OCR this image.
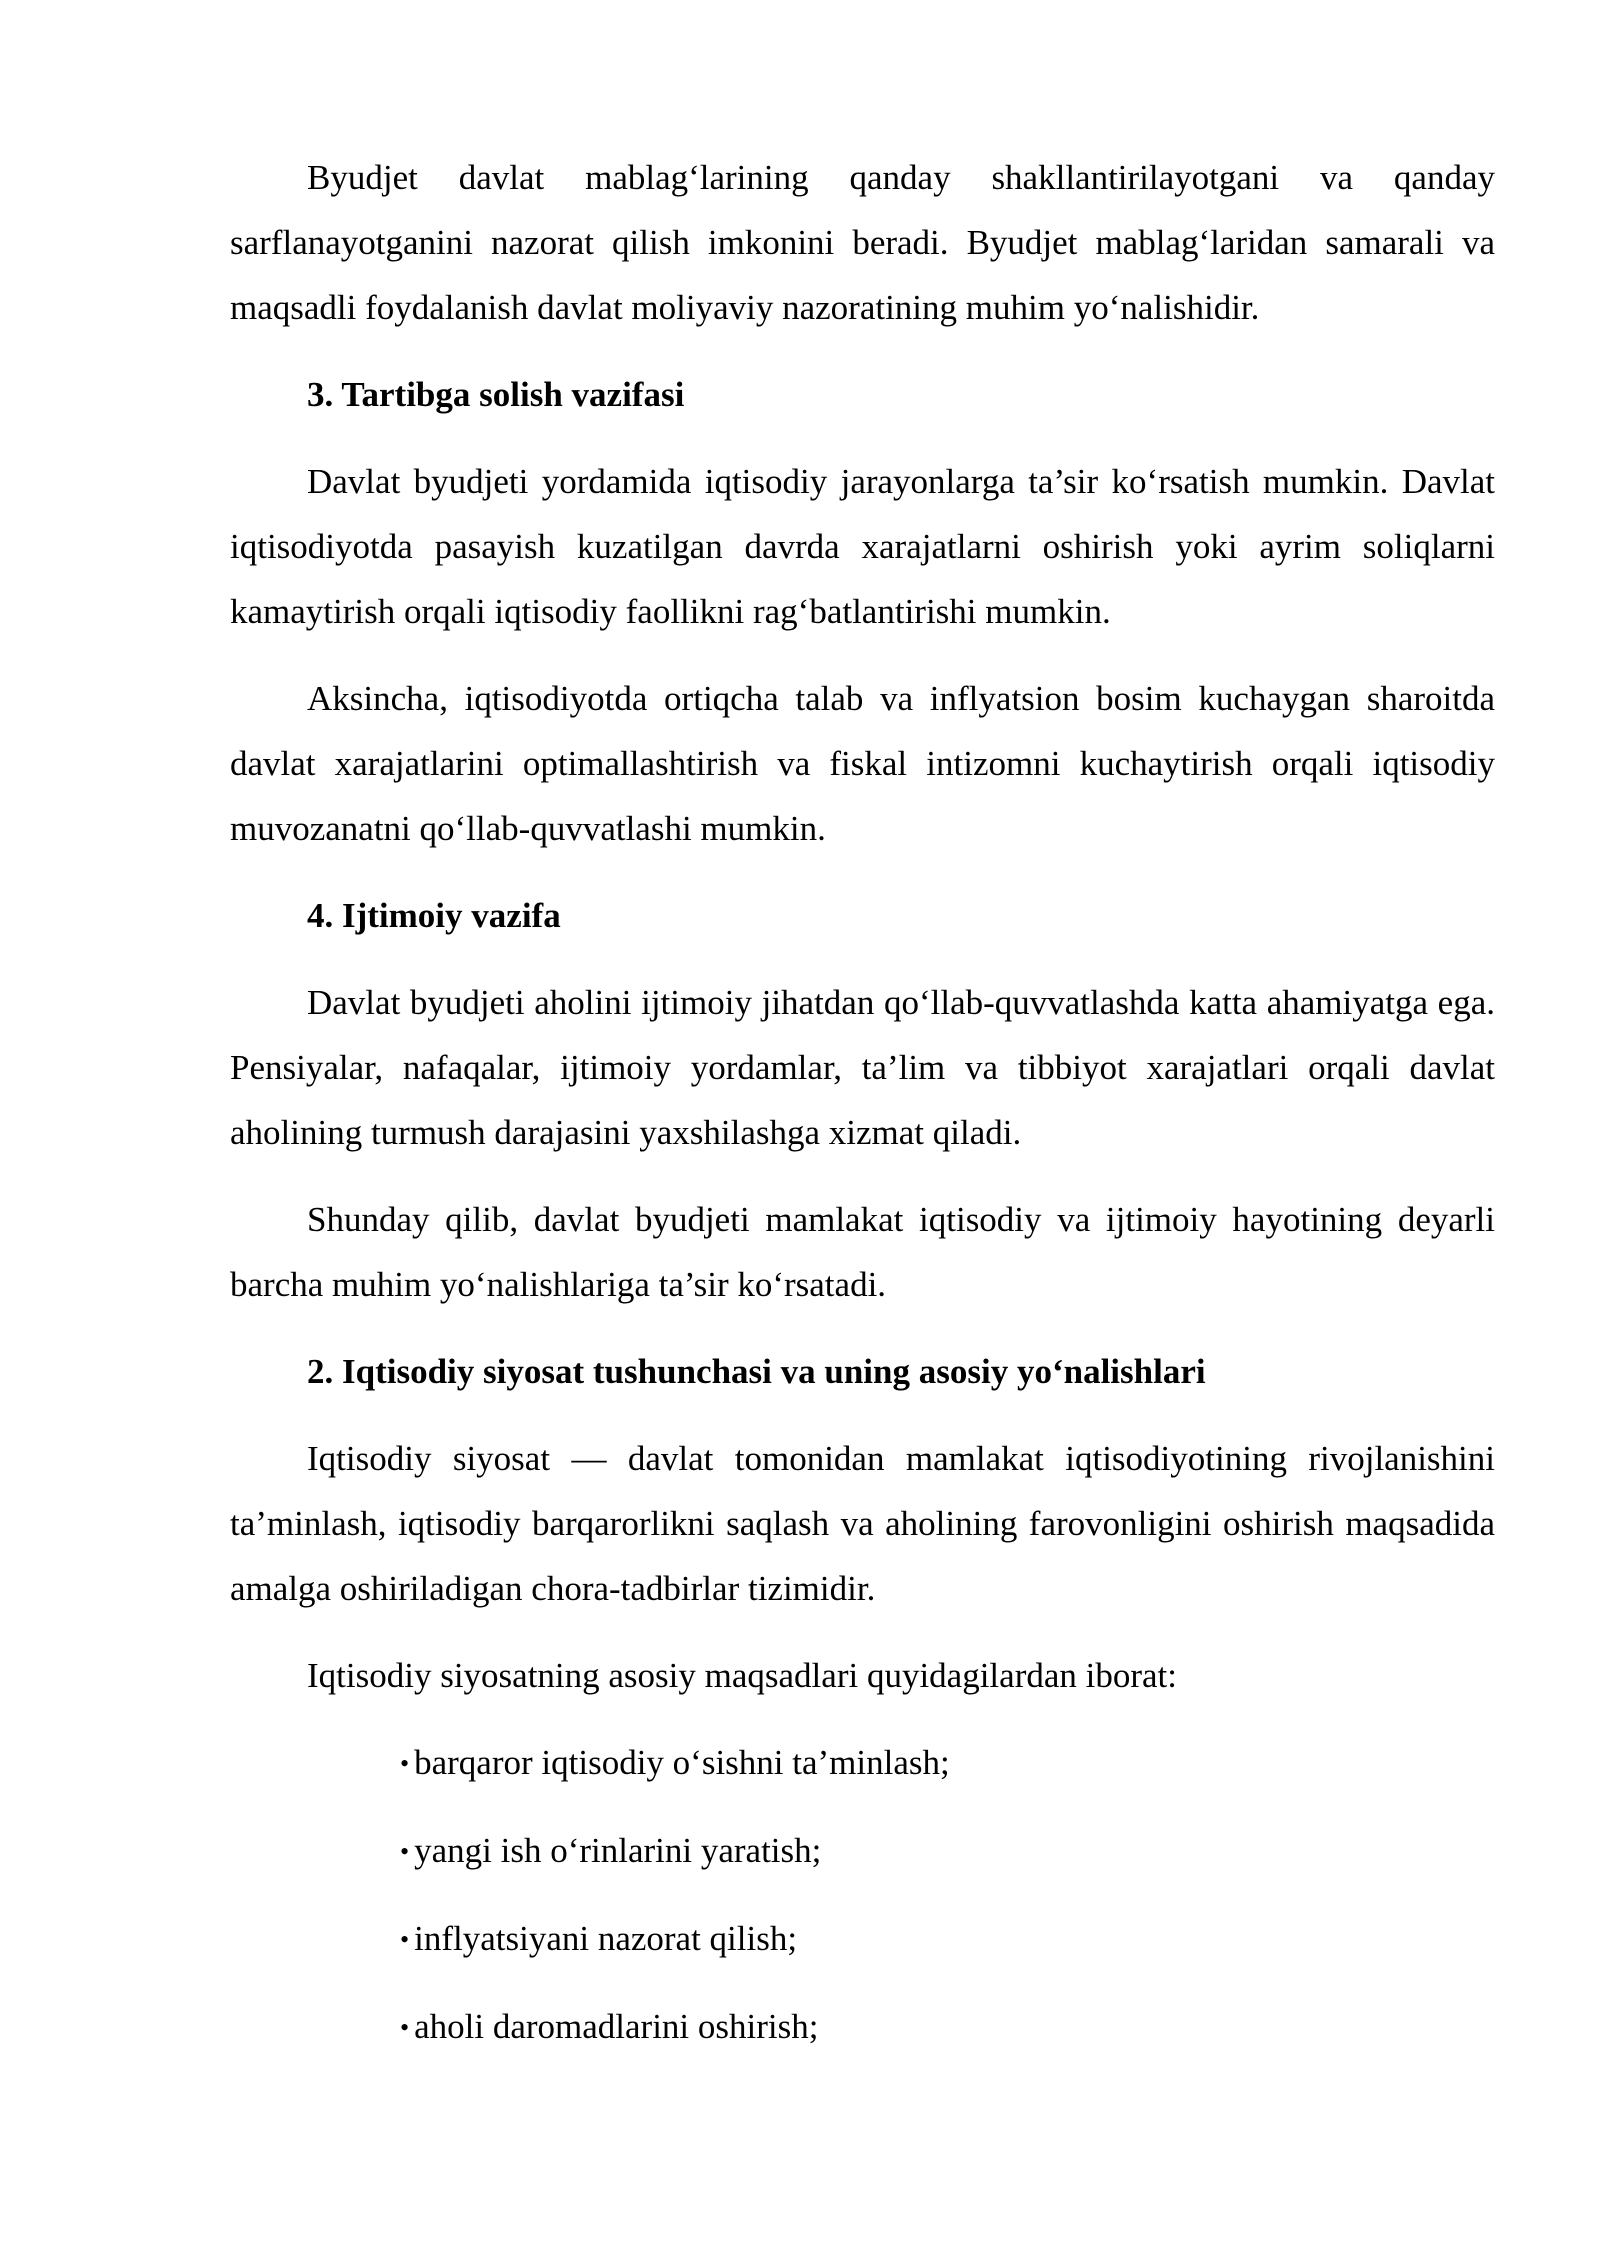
Byudjet davlat mablag‘larining qanday shakllantirilayotgani va qanday sarflanayotganini nazorat qilish imkonini beradi. Byudjet mablag‘laridan samarali va maqsadli foydalanish davlat moliyaviy nazoratining muhim yo‘nalishidir.

3. Tartibga solish vazifasi

Davlat byudjeti yordamida iqtisodiy jarayonlarga ta’sir ko‘rsatish mumkin. Davlat iqtisodiyotda pasayish kuzatilgan davrda xarajatlarni oshirish yoki ayrim soliqlarni kamaytirish orqali iqtisodiy faollikni rag‘batlantirishi mumkin.

Aksincha, iqtisodiyotda ortiqcha talab va inflyatsion bosim kuchaygan sharoitda davlat xarajatlarini optimallashtirish va fiskal intizomni kuchaytirish orqali iqtisodiy muvozanatni qo‘llab-quvvatlashi mumkin.

4. Ijtimoiy vazifa

Davlat byudjeti aholini ijtimoiy jihatdan qo‘llab-quvvatlashda katta ahamiyatga ega. Pensiyalar, nafaqalar, ijtimoiy yordamlar, ta’lim va tibbiyot xarajatlari orqali davlat aholining turmush darajasini yaxshilashga xizmat qiladi.

Shunday qilib, davlat byudjeti mamlakat iqtisodiy va ijtimoiy hayotining deyarli barcha muhim yo‘nalishlariga ta’sir ko‘rsatadi.

2. Iqtisodiy siyosat tushunchasi va uning asosiy yo‘nalishlari

Iqtisodiy siyosat — davlat tomonidan mamlakat iqtisodiyotining rivojlanishini ta’minlash, iqtisodiy barqarorlikni saqlash va aholining farovonligini oshirish maqsadida amalga oshiriladigan chora-tadbirlar tizimidir.

Iqtisodiy siyosatning asosiy maqsadlari quyidagilardan iborat:

• barqaror iqtisodiy o‘sishni ta’minlash;
• yangi ish o‘rinlarini yaratish;
• inflyatsiyani nazorat qilish;
• aholi daromadlarini oshirish;
